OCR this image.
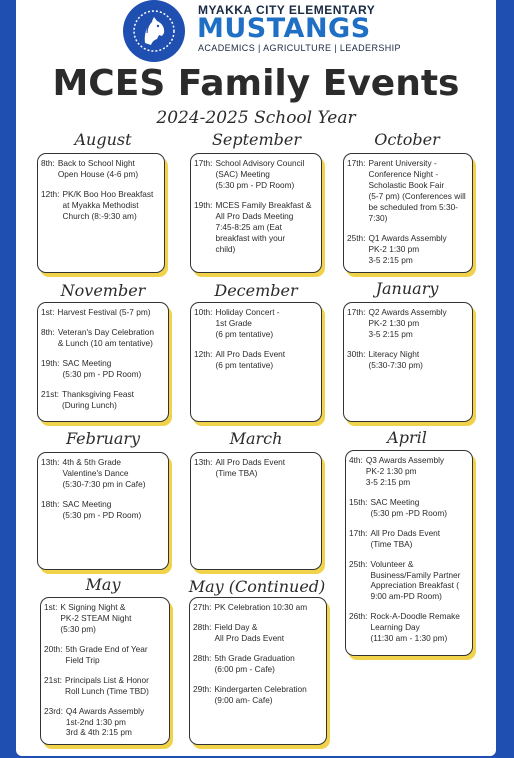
MYAKKA CITY ELEMENTARY
MUSTANGS
ACADEMICS | AGRICULTURE | LEADERSHIP
MCES Family Events
2024-2025 School Year
August
8th: Back to School Night
Open House (4-6 pm)
12th: PK/K Boo Hoo Breakfast
at Myakka Methodist
Church (8:-9:30 am)
September
17th: School Advisory Council
(SAC) Meeting
(5:30 pm - PD Room)
19th: MCES Family Breakfast &
All Pro Dads Meeting
7:45-8:25 am (Eat
breakfast with your
child)
October
17th: Parent University -
Conference Night -
Scholastic Book Fair
(5-7 pm) (Conferences will
be scheduled from 5:30-
7:30)
25th: Q1 Awards Assembly
PK-2 1:30 pm
3-5 2:15 pm
November
1st: Harvest Festival (5-7 pm)
8th: Veteran's Day Celebration
& Lunch (10 am tentative)
19th: SAC Meeting
(5:30 pm - PD Room)
21st: Thanksgiving Feast
(During Lunch)
December
10th: Holiday Concert -
1st Grade
(6 pm tentative)
12th: All Pro Dads Event
(6 pm tentative)
January
17th: Q2 Awards Assembly
PK-2 1:30 pm
3-5 2:15 pm
30th: Literacy Night
(5:30-7:30 pm)
February
13th: 4th & 5th Grade
Valentine's Dance
(5:30-7:30 pm in Cafe)
18th: SAC Meeting
(5:30 pm - PD Room)
March
13th: All Pro Dads Event
(Time TBA)
April
4th: Q3 Awards Assembly
PK-2 1:30 pm
3-5 2:15 pm
15th: SAC Meeting
(5:30 pm -PD Room)
17th: All Pro Dads Event
(Time TBA)
25th: Volunteer &
Business/Family Partner
Appreciation Breakfast (
9:00 am-PD Room)
26th: Rock-A-Doodle Remake
Learning Day
(11:30 am - 1:30 pm)
May
1st: K Signing Night &
PK-2 STEAM Night
(5:30 pm)
20th: 5th Grade End of Year
Field Trip
21st: Principals List & Honor
Roll Lunch (Time TBD)
23rd: Q4 Awards Assembly
1st-2nd 1:30 pm
3rd & 4th 2:15 pm
May (Continued)
27th: PK Celebration 10:30 am
28th: Field Day &
All Pro Dads Event
28th: 5th Grade Graduation
(6:00 pm - Cafe)
29th: Kindergarten Celebration
(9:00 am- Cafe)
